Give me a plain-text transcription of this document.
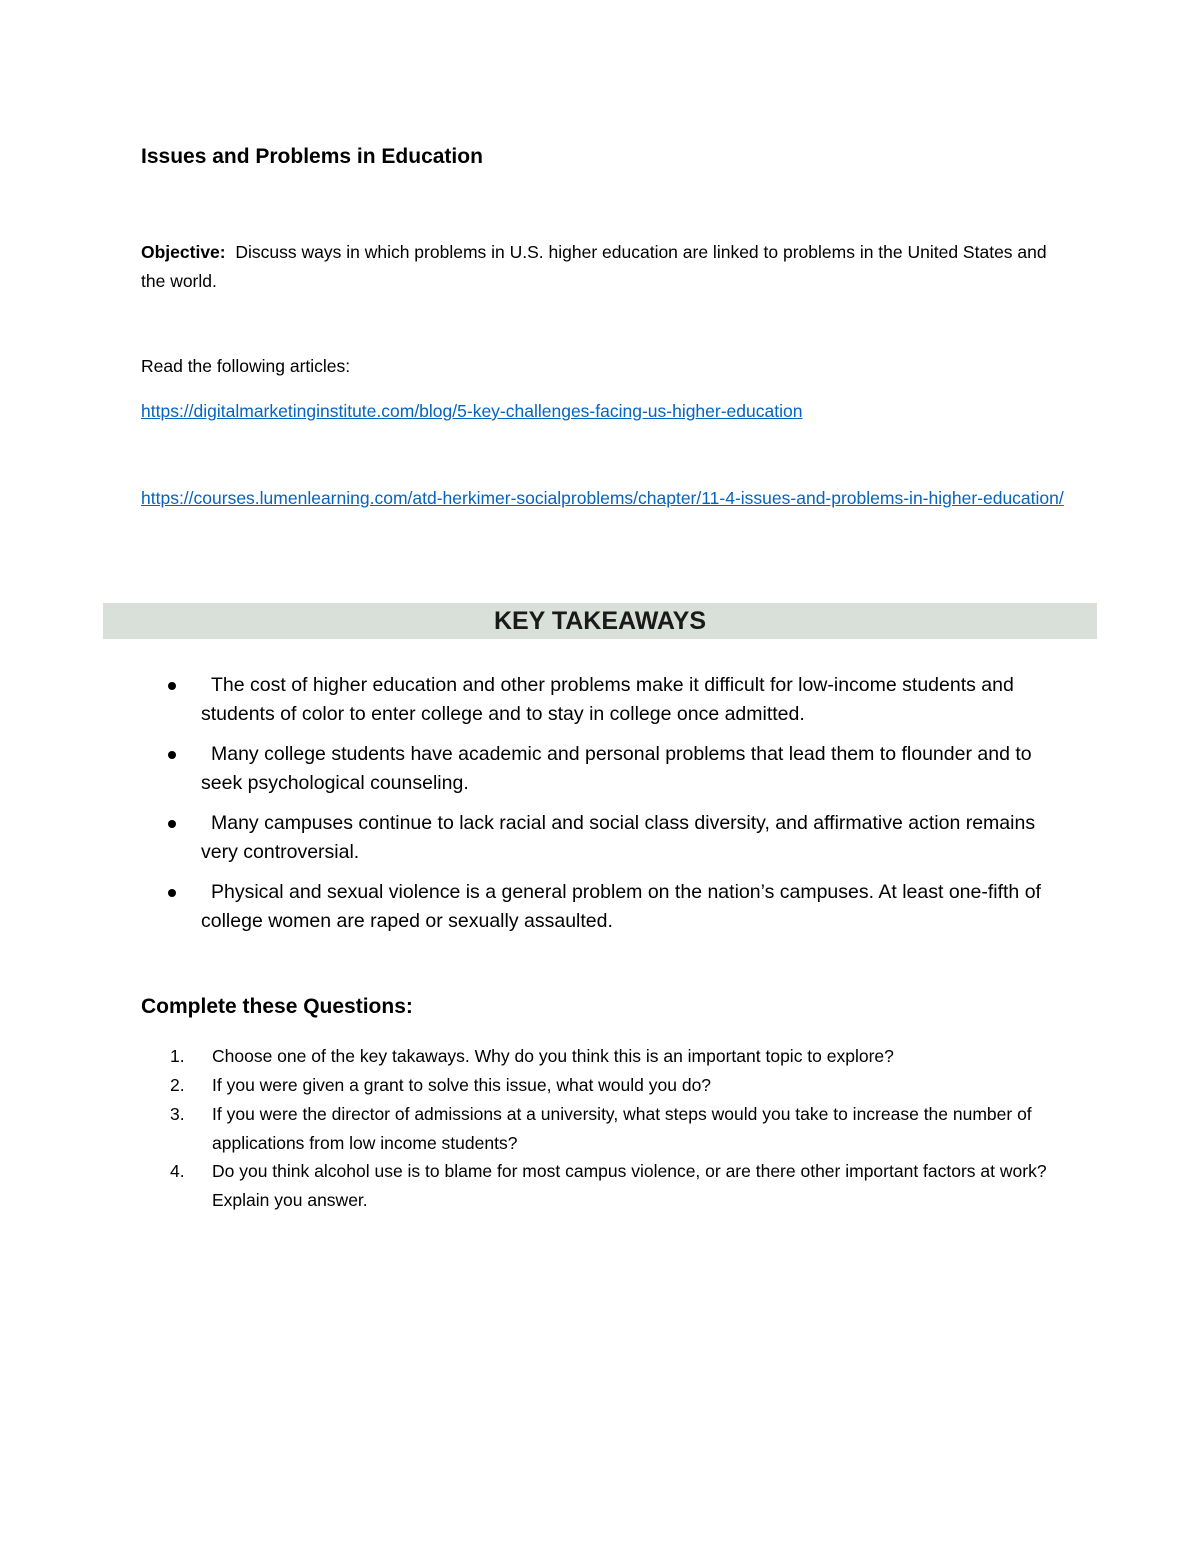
Issues and Problems in Education

Objective: Discuss ways in which problems in U.S. higher education are linked to problems in the United States and the world.

Read the following articles:

https://digitalmarketinginstitute.com/blog/5-key-challenges-facing-us-higher-education
https://courses.lumenlearning.com/atd-herkimer-socialproblems/chapter/11-4-issues-and-problems-in-higher-education/
KEY TAKEAWAYS
The cost of higher education and other problems make it difficult for low-income students and students of color to enter college and to stay in college once admitted.
Many college students have academic and personal problems that lead them to flounder and to seek psychological counseling.
Many campuses continue to lack racial and social class diversity, and affirmative action remains very controversial.
Physical and sexual violence is a general problem on the nation’s campuses. At least one-fifth of college women are raped or sexually assaulted.
Complete these Questions:
1.	Choose one of the key takaways. Why do you think this is an important topic to explore?
2.	If you were given a grant to solve this issue, what would you do?
3.	If you were the director of admissions at a university, what steps would you take to increase the number of applications from low income students?
4.	Do you think alcohol use is to blame for most campus violence, or are there other important factors at work? Explain you answer.
